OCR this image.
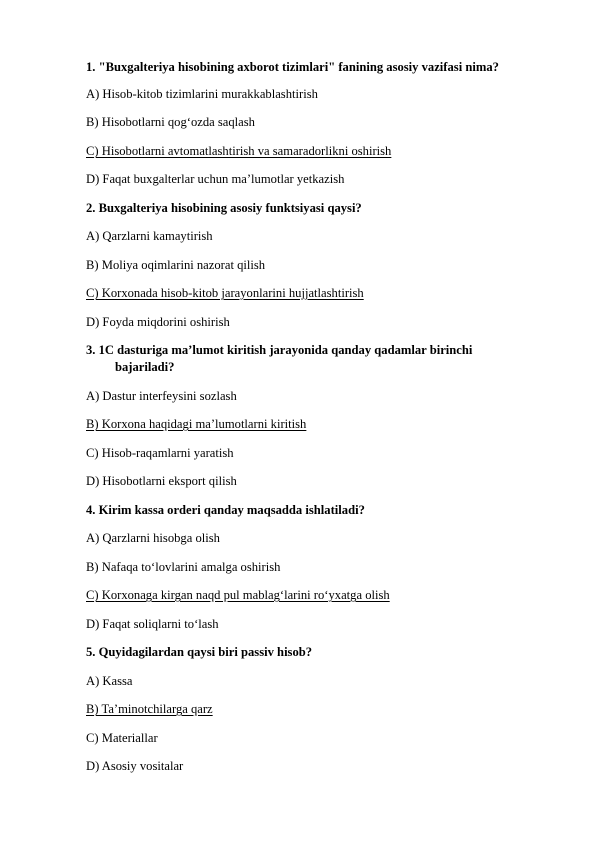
1. "Buxgalteriya hisobining axborot tizimlari" fanining asosiy vazifasi nima?
A) Hisob-kitob tizimlarini murakkablashtirish
B) Hisobotlarni qog‘ozda saqlash
C) Hisobotlarni avtomatlashtirish va samaradorlikni oshirish
D) Faqat buxgalterlar uchun ma’lumotlar yetkazish
2. Buxgalteriya hisobining asosiy funktsiyasi qaysi?
A) Qarzlarni kamaytirish
B) Moliya oqimlarini nazorat qilish
C) Korxonada hisob-kitob jarayonlarini hujjatlashtirish
D) Foyda miqdorini oshirish
3. 1C dasturiga ma’lumot kiritish jarayonida qanday qadamlar birinchi
bajariladi?
A) Dastur interfeysini sozlash
B) Korxona haqidagi ma’lumotlarni kiritish
C) Hisob-raqamlarni yaratish
D) Hisobotlarni eksport qilish
4. Kirim kassa orderi qanday maqsadda ishlatiladi?
A) Qarzlarni hisobga olish
B) Nafaqa to‘lovlarini amalga oshirish
C) Korxonaga kirgan naqd pul mablag‘larini ro‘yxatga olish
D) Faqat soliqlarni to‘lash
5. Quyidagilardan qaysi biri passiv hisob?
A) Kassa
B) Ta’minotchilarga qarz
C) Materiallar
D) Asosiy vositalar
